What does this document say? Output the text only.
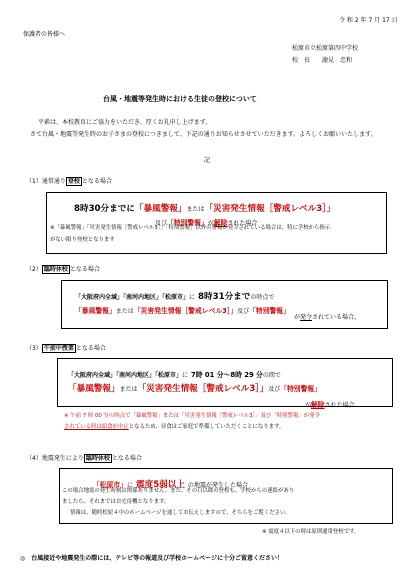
令 和 2 年 7 月 17 日
保護者の皆様へ
松原市立松原第四中学校
校　長　　瀧見　忠和
台風・地震等発生時における生徒の登校について
平素は、本校教育にご協力をいただき、厚くお礼申し上げます。
さて台風・地震等発生時のお子さまの登校につきまして、下記の通りお知らせさせていただきます。よろしくお願いいたします。
記
（1）通常通り 登校 となる場合
8時30分までに「暴風警報」または「災害発生情報［警戒レベル3］」
及び「特別警報」が解除された場合
※「暴風警報」「災害発生情報［警戒レベル3］」「特別警報」以外の警報が発令されている場合は、特に学校から指示
がない限り登校となります
（2） 臨時休校 となる場合
「大阪府内全域」「南河内地区」「松原市」に 8時31分までの時点で
「暴風警報」または「災害発生情報［警戒レベル3］」及び「特別警報」
が発令されている場合。
（3） 午前中授業 となる場合
「大阪府内全域」「南河内地区」「松原市」に 7時 01 分～8時 29 分の間で
「暴風警報」または「災害発生情報［警戒レベル3］」及び「特別警報」
が解除された場合
※ 午前 7 時 00 分の時点で「暴風警報」または「災害発生情報［警戒レベル3］」及び「特別警報」が発令
されている時は給食が中止となるため、昼食はご家庭で準備していただくことになります。
（4）地震発生により 臨時休校 となる場合
「松原市」に 震度5弱以上 の地震が発生した場合
この場合地震の発生時刻は関係ありません。また、その日以降の登校も、学校からの連絡があり
ましたら、それまでは自宅待機となります。
情報は、随時松原４中のホームページを通してお伝えしますので、そちらをご覧ください。
※ 震度４以下の時は原則通常登校です。
◎　台風接近や地震発生の際には、テレビ等の報道及び学校ホームページに十分ご留意ください！
